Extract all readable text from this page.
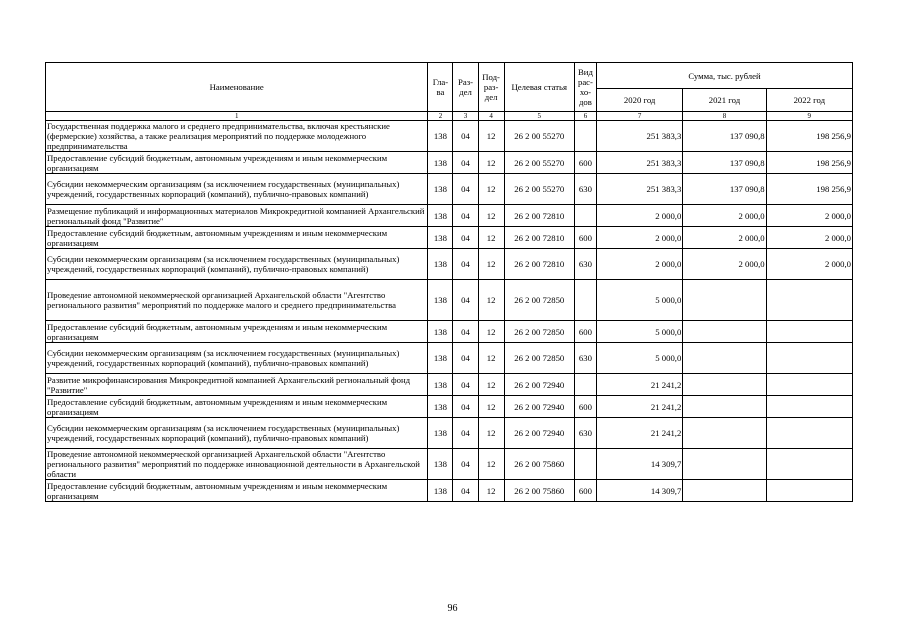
Наименование	Гла-ва	Раз-дел	Под-раз-дел	Целевая статья	Вид рас-хо-дов	Сумма, тыс. рублей		
						2020 год	2021 год	2022 год
1	2	3	4	5	6	7	8	9
Государственная поддержка малого и среднего предпринимательства, включая крестьянские (фермерские) хозяйства, а также реализация мероприятий по поддержке молодежного предпринимательства	138	04	12	26 2 00 55270		251 383,3	137 090,8	198 256,9
Предоставление субсидий бюджетным, автономным учреждениям и иным некоммерческим организациям	138	04	12	26 2 00 55270	600	251 383,3	137 090,8	198 256,9
Субсидии некоммерческим организациям (за исключением государственных (муниципальных) учреждений, государственных корпораций (компаний), публично-правовых компаний)	138	04	12	26 2 00 55270	630	251 383,3	137 090,8	198 256,9
Размещение публикаций и информационных материалов Микрокредитной компанией Архангельский региональный фонд "Развитие"	138	04	12	26 2 00 72810		2 000,0	2 000,0	2 000,0
Предоставление субсидий бюджетным, автономным учреждениям и иным некоммерческим организациям	138	04	12	26 2 00 72810	600	2 000,0	2 000,0	2 000,0
Субсидии некоммерческим организациям (за исключением государственных (муниципальных) учреждений, государственных корпораций (компаний), публично-правовых компаний)	138	04	12	26 2 00 72810	630	2 000,0	2 000,0	2 000,0
Проведение автономной некоммерческой организацией Архангельской области "Агентство регионального развития" мероприятий по поддержке малого и среднего предпринимательства	138	04	12	26 2 00 72850		5 000,0		
Предоставление субсидий бюджетным, автономным учреждениям и иным некоммерческим организациям	138	04	12	26 2 00 72850	600	5 000,0		
Субсидии некоммерческим организациям (за исключением государственных (муниципальных) учреждений, государственных корпораций (компаний), публично-правовых компаний)	138	04	12	26 2 00 72850	630	5 000,0		
Развитие микрофинансирования Микрокредитной компанией Архангельский региональный фонд "Развитие"	138	04	12	26 2 00 72940		21 241,2		
Предоставление субсидий бюджетным, автономным учреждениям и иным некоммерческим организациям	138	04	12	26 2 00 72940	600	21 241,2		
Субсидии некоммерческим организациям (за исключением государственных (муниципальных) учреждений, государственных корпораций (компаний), публично-правовых компаний)	138	04	12	26 2 00 72940	630	21 241,2		
Проведение автономной некоммерческой организацией Архангельской области "Агентство регионального развития" мероприятий по поддержке инновационной деятельности в Архангельской области	138	04	12	26 2 00 75860		14 309,7		
Предоставление субсидий бюджетным, автономным учреждениям и иным некоммерческим организациям	138	04	12	26 2 00 75860	600	14 309,7		
96
